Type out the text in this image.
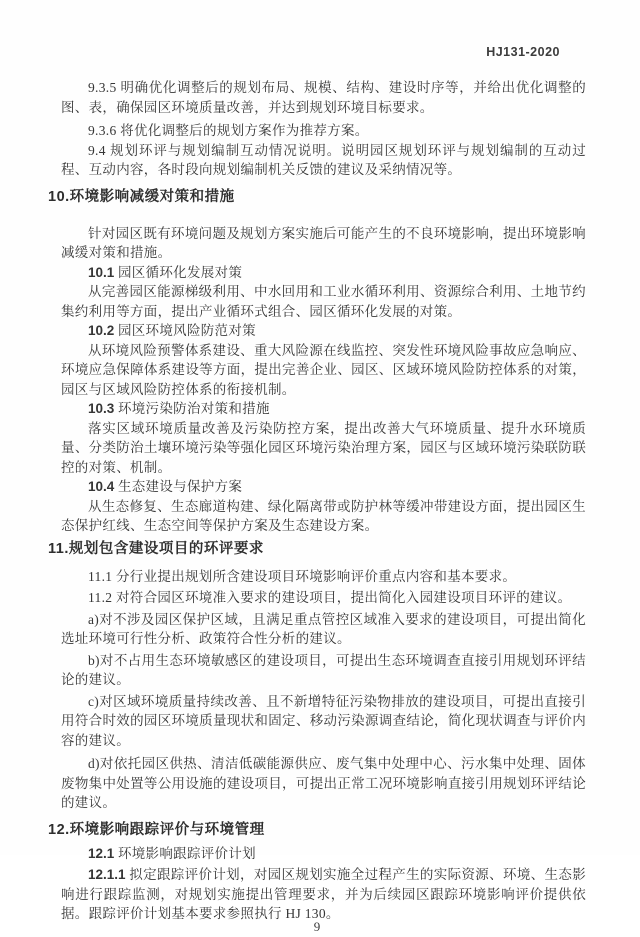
HJ131-2020

9.3.5 明确优化调整后的规划布局、规模、结构、建设时序等，并给出优化调整的图、表，确保园区环境质量改善，并达到规划环境目标要求。

9.3.6 将优化调整后的规划方案作为推荐方案。

9.4 规划环评与规划编制互动情况说明。说明园区规划环评与规划编制的互动过程、互动内容，各时段向规划编制机关反馈的建议及采纳情况等。

10.环境影响减缓对策和措施

针对园区既有环境问题及规划方案实施后可能产生的不良环境影响，提出环境影响减缓对策和措施。

10.1 园区循环化发展对策

从完善园区能源梯级利用、中水回用和工业水循环利用、资源综合利用、土地节约集约利用等方面，提出产业循环式组合、园区循环化发展的对策。

10.2 园区环境风险防范对策

从环境风险预警体系建设、重大风险源在线监控、突发性环境风险事故应急响应、环境应急保障体系建设等方面，提出完善企业、园区、区域环境风险防控体系的对策，园区与区域风险防控体系的衔接机制。

10.3 环境污染防治对策和措施

落实区域环境质量改善及污染防控方案，提出改善大气环境质量、提升水环境质量、分类防治土壤环境污染等强化园区环境污染治理方案，园区与区域环境污染联防联控的对策、机制。

10.4 生态建设与保护方案

从生态修复、生态廊道构建、绿化隔离带或防护林等缓冲带建设方面，提出园区生态保护红线、生态空间等保护方案及生态建设方案。

11.规划包含建设项目的环评要求

11.1 分行业提出规划所含建设项目环境影响评价重点内容和基本要求。

11.2 对符合园区环境准入要求的建设项目，提出简化入园建设项目环评的建议。

a)对不涉及园区保护区域，且满足重点管控区域准入要求的建设项目，可提出简化选址环境可行性分析、政策符合性分析的建议。

b)对不占用生态环境敏感区的建设项目，可提出生态环境调查直接引用规划环评结论的建议。

c)对区域环境质量持续改善、且不新增特征污染物排放的建设项目，可提出直接引用符合时效的园区环境质量现状和固定、移动污染源调查结论，简化现状调查与评价内容的建议。

d)对依托园区供热、清洁低碳能源供应、废气集中处理中心、污水集中处理、固体废物集中处置等公用设施的建设项目，可提出正常工况环境影响直接引用规划环评结论的建议。

12.环境影响跟踪评价与环境管理

12.1 环境影响跟踪评价计划

12.1.1 拟定跟踪评价计划，对园区规划实施全过程产生的实际资源、环境、生态影响进行跟踪监测，对规划实施提出管理要求，并为后续园区跟踪环境影响评价提供依据。跟踪评价计划基本要求参照执行 HJ 130。

9
